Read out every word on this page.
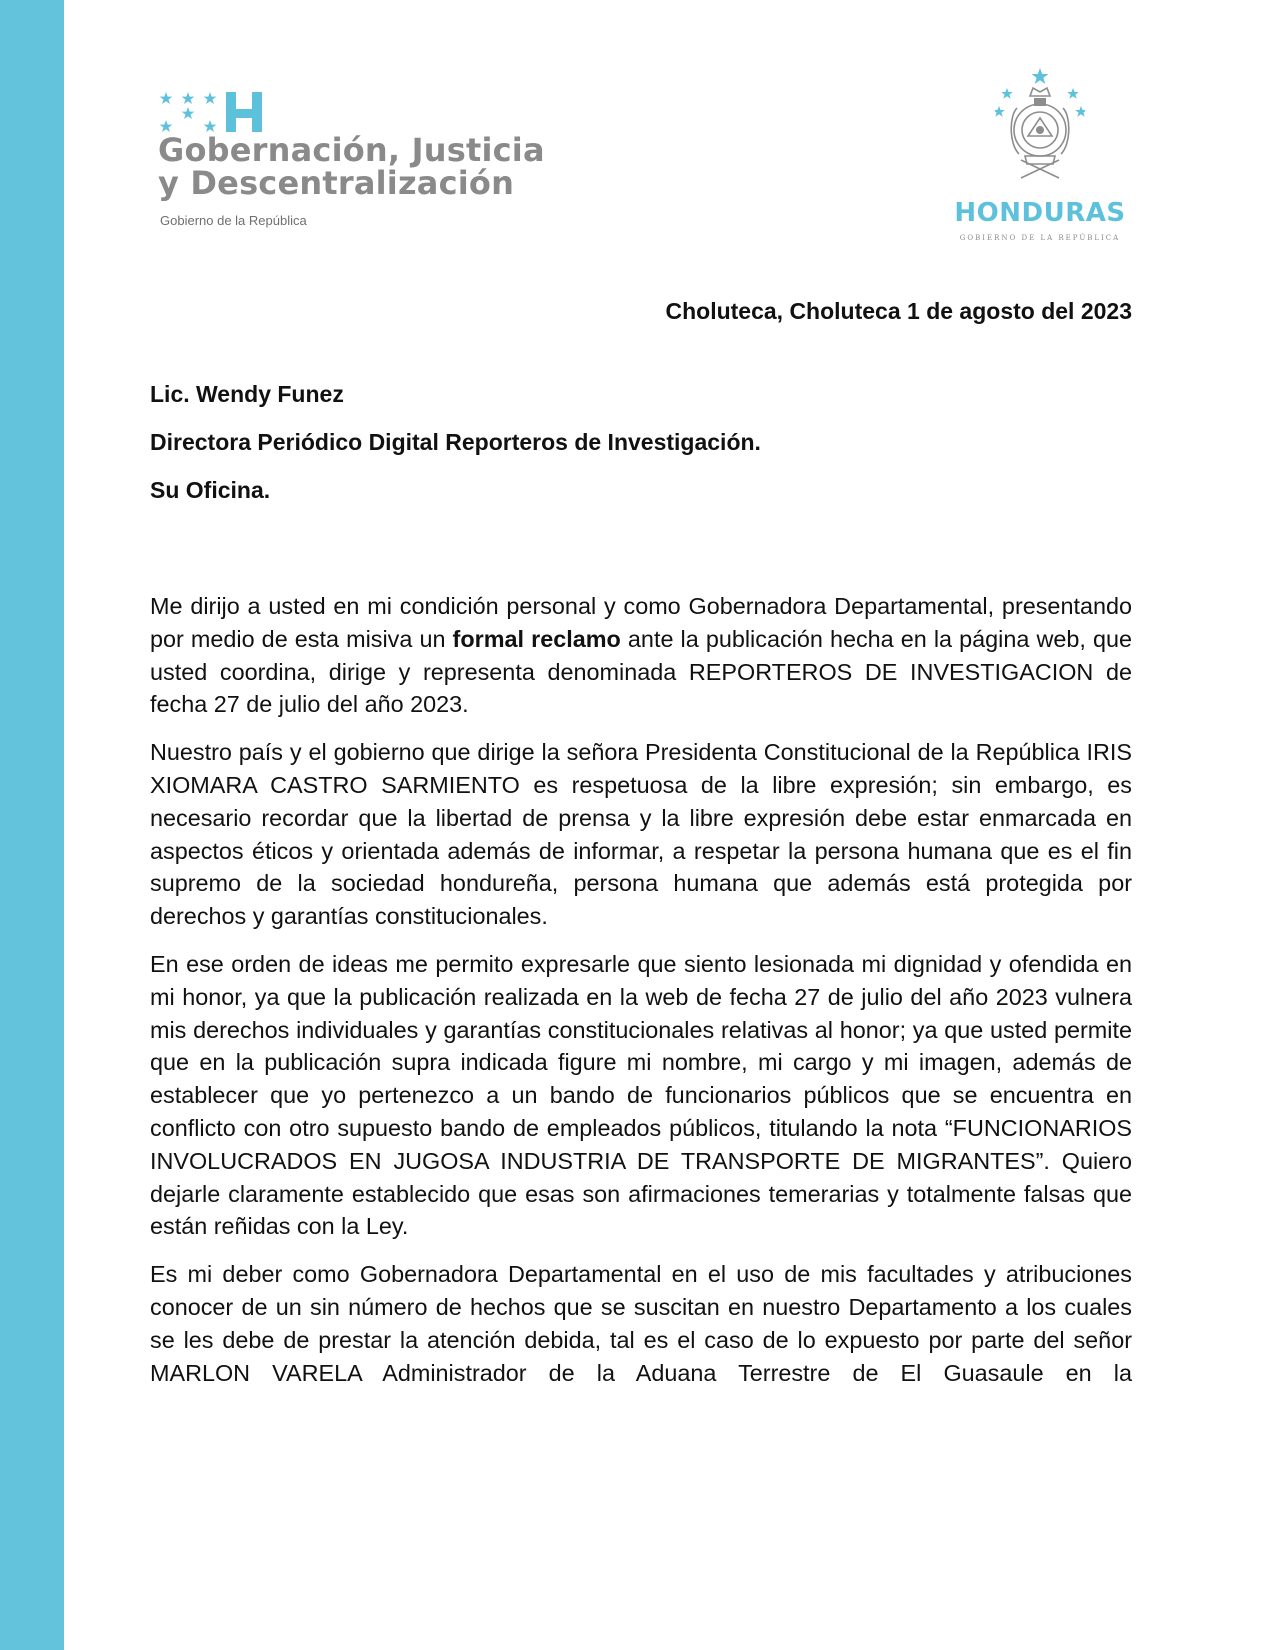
Gobernación, Justicia
y Descentralización
Gobierno de la República	HONDURAS
GOBIERNO DE LA REPÚBLICA
Choluteca, Choluteca 1 de agosto del 2023
Lic. Wendy Funez
Directora Periódico Digital Reporteros de Investigación.
Su Oficina.

Me dirijo a usted en mi condición personal y como Gobernadora Departamental, presentando por medio de esta misiva un formal reclamo ante la publicación hecha en la página web, que usted coordina, dirige y representa denominada REPORTEROS DE INVESTIGACION de fecha 27 de julio del año 2023.

Nuestro país y el gobierno que dirige la señora Presidenta Constitucional de la República IRIS XIOMARA CASTRO SARMIENTO es respetuosa de la libre expresión; sin embargo, es necesario recordar que la libertad de prensa y la libre expresión debe estar enmarcada en aspectos éticos y orientada además de informar, a respetar la persona humana que es el fin supremo de la sociedad hondureña, persona humana que además está protegida por derechos y garantías constitucionales.

En ese orden de ideas me permito expresarle que siento lesionada mi dignidad y ofendida en mi honor, ya que la publicación realizada en la web de fecha 27 de julio del año 2023 vulnera mis derechos individuales y garantías constitucionales relativas al honor; ya que usted permite que en la publicación supra indicada figure mi nombre, mi cargo y mi imagen, además de establecer que yo pertenezco a un bando de funcionarios públicos que se encuentra en conflicto con otro supuesto bando de empleados públicos, titulando la nota “FUNCIONARIOS INVOLUCRADOS EN JUGOSA INDUSTRIA DE TRANSPORTE DE MIGRANTES”. Quiero dejarle claramente establecido que esas son afirmaciones temerarias y totalmente falsas que están reñidas con la Ley.

Es mi deber como Gobernadora Departamental en el uso de mis facultades y atribuciones conocer de un sin número de hechos que se suscitan en nuestro Departamento a los cuales se les debe de prestar la atención debida, tal es el caso de lo expuesto por parte del señor MARLON VARELA Administrador de la Aduana Terrestre de El Guasaule en la
